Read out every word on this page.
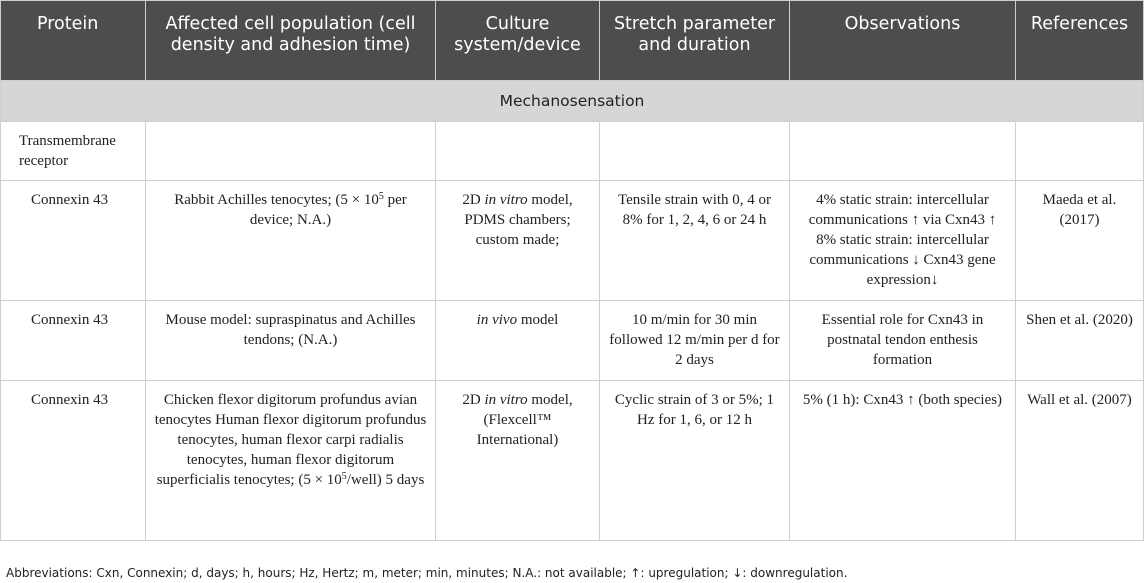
Protein	Affected cell population (cell density and adhesion time)	Culture system/device	Stretch parameter and duration	Observations	References
Mechanosensation					
Transmembrane receptor					
Connexin 43	Rabbit Achilles tenocytes; ($5 \times 10^5$ per device; N.A.)	2D in vitro model, PDMS chambers; custom made;	Tensile strain with 0, 4 or 8% for 1, 2, 4, 6 or 24 h	4% static strain: intercellular communications ↑ via Cxn43 ↑ 8% static strain: intercellular communications ↓ Cxn43 gene expression↓	Maeda et al. (2017)
Connexin 43	Mouse model: supraspinatus and Achilles tendons; (N.A.)	in vivo model	10 m/min for 30 min followed 12 m/min per d for 2 days	Essential role for Cxn43 in postnatal tendon enthesis formation	Shen et al. (2020)
Connexin 43	Chicken flexor digitorum profundus avian tenocytes Human flexor digitorum profundus tenocytes, human flexor carpi radialis tenocytes, human flexor digitorum superficialis tenocytes; $(5 \times 10^5/well)$ 5 days	2D in vitro model, (Flexcell™ International)	Cyclic strain of 3 or 5%; 1 Hz for 1, 6, or 12 h	5% (1 h): Cxn43 ↑ (both species)	Wall et al. (2007)
Abbreviations: Cxn, Connexin; d, days; h, hours; Hz, Hertz; m, meter; min, minutes; N.A.: not available; ↑: upregulation; ↓: downregulation.
